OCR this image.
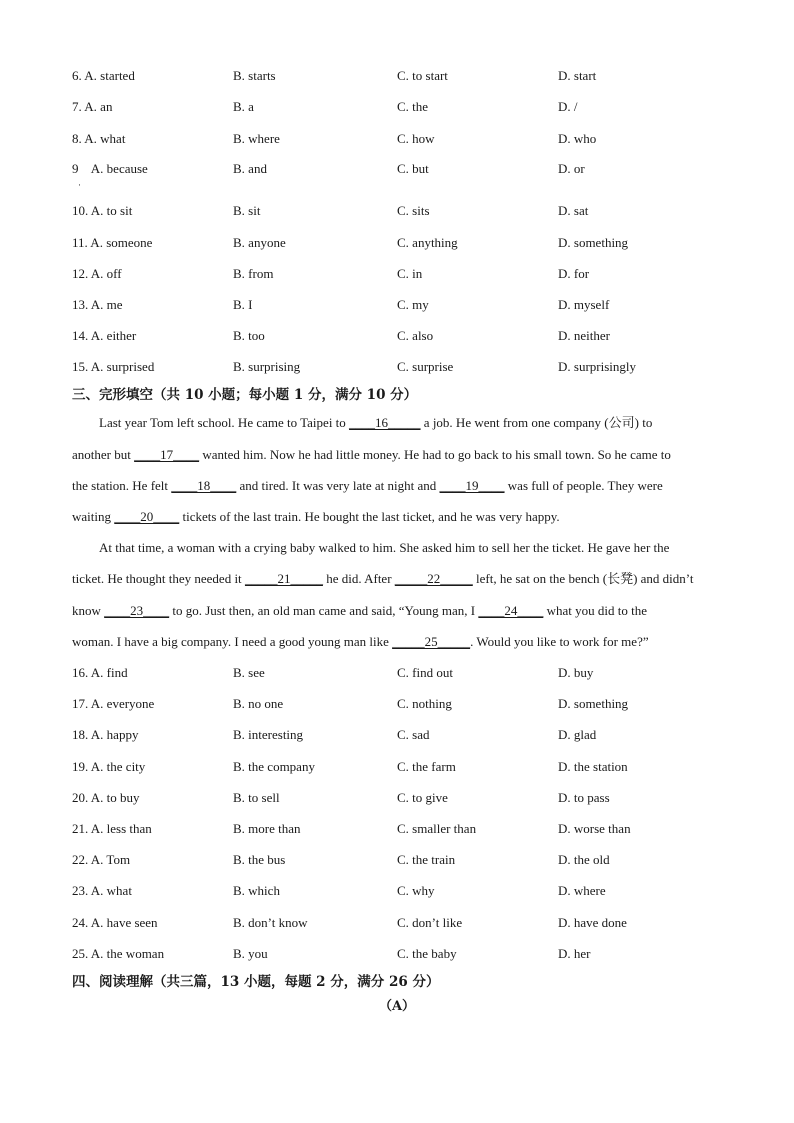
6. A. started	B. starts	C. to start	D. start
7. A. an	B. a	C. the	D. /
8. A. what	B. where	C. how	D. who
9    A. because	B. and	C. but	D. or
·
10. A. to sit	B. sit	C. sits	D. sat
11. A. someone	B. anyone	C. anything	D. something
12. A. off	B. from	C. in	D. for
13. A. me	B. I	C. my	D. myself
14. A. either	B. too	C. also	D. neither
15. A. surprised	B. surprising	C. surprise	D. surprisingly
三、完形填空（共 10 小题；每小题 1 分，满分 10 分）
Last year Tom left school. He came to Taipei to ____16_____ a job. He went from one company (公司) to
another but ____17____ wanted him. Now he had little money. He had to go back to his small town. So he came to
the station. He felt ____18____ and tired. It was very late at night and ____19____ was full of people. They were
waiting ____20____ tickets of the last train. He bought the last ticket, and he was very happy.
At that time, a woman with a crying baby walked to him. She asked him to sell her the ticket. He gave her the
ticket. He thought they needed it _____21_____ he did. After _____22_____ left, he sat on the bench (长凳) and didn’t
know ____23____ to go. Just then, an old man came and said, “Young man, I ____24____ what you did to the
woman. I have a big company. I need a good young man like _____25_____. Would you like to work for me?”
16. A. find	B. see	C. find out	D. buy
17. A. everyone	B. no one	C. nothing	D. something
18. A. happy	B. interesting	C. sad	D. glad
19. A. the city	B. the company	C. the farm	D. the station
20. A. to buy	B. to sell	C. to give	D. to pass
21. A. less than	B. more than	C. smaller than	D. worse than
22. A. Tom	B. the bus	C. the train	D. the old
23. A. what	B. which	C. why	D. where
24. A. have seen	B. don’t know	C. don’t like	D. have done
25. A. the woman	B. you	C. the baby	D. her
四、阅读理解（共三篇，13 小题，每题 2 分，满分 26 分）
（A）
